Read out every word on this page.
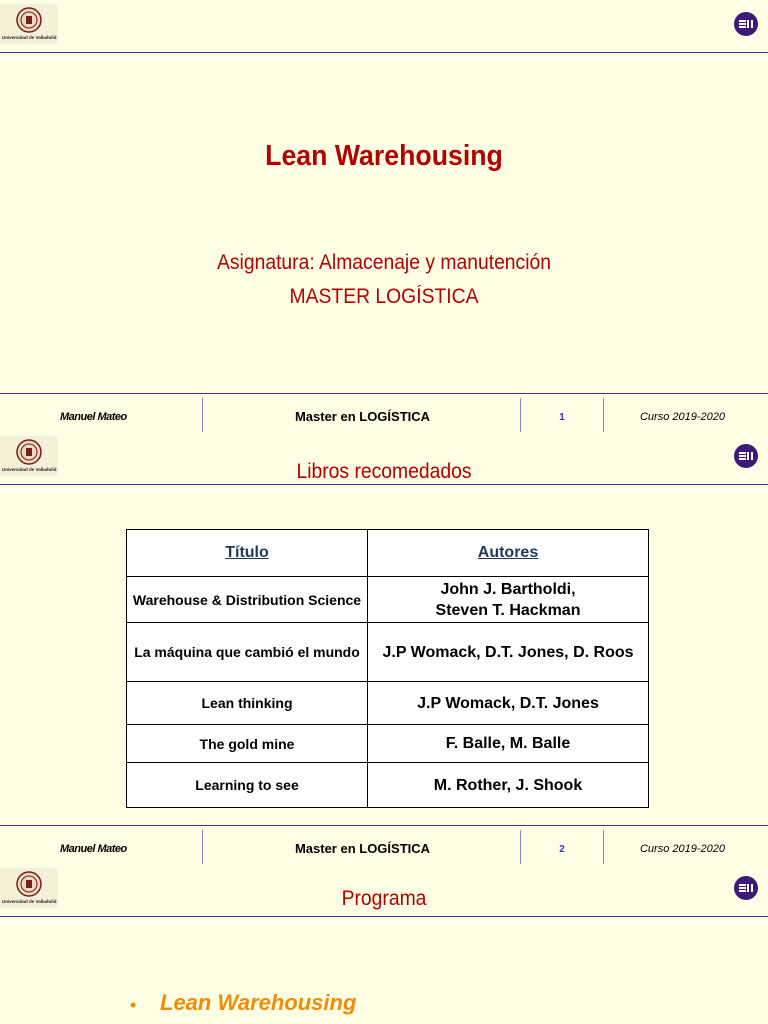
Universidad de Valladolid
Lean Warehousing
Asignatura: Almacenaje y manutención
MASTER LOGÍSTICA
Manuel Mateo	Master en LOGÍSTICA	1	Curso 2019-2020
Universidad de Valladolid	Libros recomedados
Manuel Mateo	Master en LOGÍSTICA	2	Curso 2019-2020
Título	Autores
Warehouse & Distribution Science	John J. Bartholdi,
Steven T. Hackman

La máquina que cambió el mundo	J.P Womack, D.T. Jones, D. Roos
Lean thinking	J.P Womack, D.T. Jones
The gold mine	F. Balle, M. Balle
Learning to see	M. Rother, J. Shook
Universidad de Valladolid	Programa
• Lean Warehousing
